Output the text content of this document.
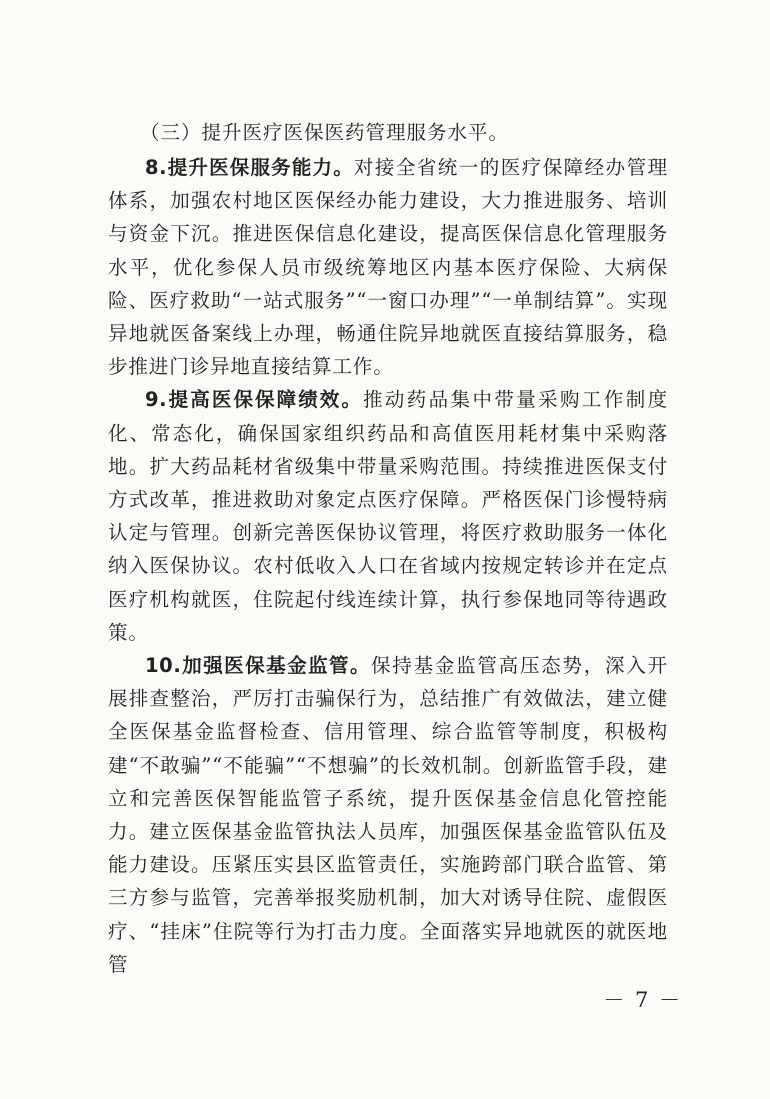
（三）提升医疗医保医药管理服务水平。

8.提升医保服务能力。对接全省统一的医疗保障经办管理体系，加强农村地区医保经办能力建设，大力推进服务、培训与资金下沉。推进医保信息化建设，提高医保信息化管理服务水平，优化参保人员市级统筹地区内基本医疗保险、大病保险、医疗救助“一站式服务”“一窗口办理”“一单制结算”。实现异地就医备案线上办理，畅通住院异地就医直接结算服务，稳步推进门诊异地直接结算工作。

9.提高医保保障绩效。推动药品集中带量采购工作制度化、常态化，确保国家组织药品和高值医用耗材集中采购落地。扩大药品耗材省级集中带量采购范围。持续推进医保支付方式改革，推进救助对象定点医疗保障。严格医保门诊慢特病认定与管理。创新完善医保协议管理，将医疗救助服务一体化纳入医保协议。农村低收入人口在省域内按规定转诊并在定点医疗机构就医，住院起付线连续计算，执行参保地同等待遇政策。

10.加强医保基金监管。保持基金监管高压态势，深入开展排查整治，严厉打击骗保行为，总结推广有效做法，建立健全医保基金监督检查、信用管理、综合监管等制度，积极构建“不敢骗”“不能骗”“不想骗”的长效机制。创新监管手段，建立和完善医保智能监管子系统，提升医保基金信息化管控能力。建立医保基金监管执法人员库，加强医保基金监管队伍及能力建设。压紧压实县区监管责任，实施跨部门联合监管、第三方参与监管，完善举报奖励机制，加大对诱导住院、虚假医疗、“挂床”住院等行为打击力度。全面落实异地就医的就医地管

－ 7 －
